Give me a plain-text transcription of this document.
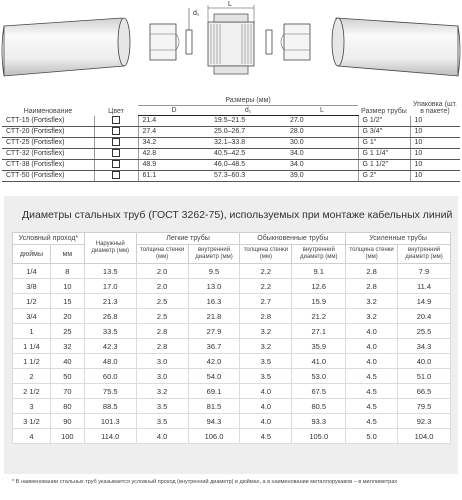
d₁
L
Наименование	Цвет	Размеры (мм)			Размер трубы	Упаковка (шт. в пакете)
		D	d₁	L		
СТТ-15 (Fortisflex)		21.4	19.5–21.5	27.0	G 1/2″	10
СТТ-20 (Fortisflex)		27.4	25.0–26.7	28.0	G 3/4″	10
СТТ-25 (Fortisflex)		34.2	32.1–33.8	30.0	G 1″	10
СТТ-32 (Fortisflex)		42.8	40.5–42.5	34.0	G 1 1/4″	10
СТТ-38 (Fortisflex)		48.9	46.0–48.5	34.0	G 1 1/2″	10
СТТ-50 (Fortisflex)		61.1	57.3–60.3	39.0	G 2″	10
Диаметры стальных труб (ГОСТ 3262-75), используемых при монтаже кабельных линий
Условный проход*		Наружный диаметр (мм)	Легкие трубы		Обыкновенные трубы		Усиленные трубы	
дюймы	мм		толщина стенки (мм)	внутренний диаметр (мм)	толщина стенки (мм)	внутренний диаметр (мм)	толщина стенки (мм)	внутренний диаметр (мм)
1/4	8	13.5	2.0	9.5	2.2	9.1	2.8	7.9
3/8	10	17.0	2.0	13.0	2.2	12.6	2.8	11.4
1/2	15	21.3	2.5	16.3	2.7	15.9	3.2	14.9
3/4	20	26.8	2.5	21.8	2.8	21.2	3.2	20.4
1	25	33.5	2.8	27.9	3.2	27.1	4.0	25.5
1 1/4	32	42.3	2.8	36.7	3.2	35.9	4.0	34.3
1 1/2	40	48.0	3.0	42.0	3.5	41.0	4.0	40.0
2	50	60.0	3.0	54.0	3.5	53.0	4.5	51.0
2 1/2	70	75.5	3.2	69.1	4.0	67.5	4.5	66.5
3	80	88.5	3.5	81.5	4.0	80.5	4.5	79.5
3 1/2	90	101.3	3.5	94.3	4.0	93.3	4.5	92.3
4	100	114.0	4.0	106.0	4.5	105.0	5.0	104.0
* В наименовании стальных труб указывается условный проход (внутренний диаметр) в дюймах, а в наименовании металлорукавов – в миллиметрах
